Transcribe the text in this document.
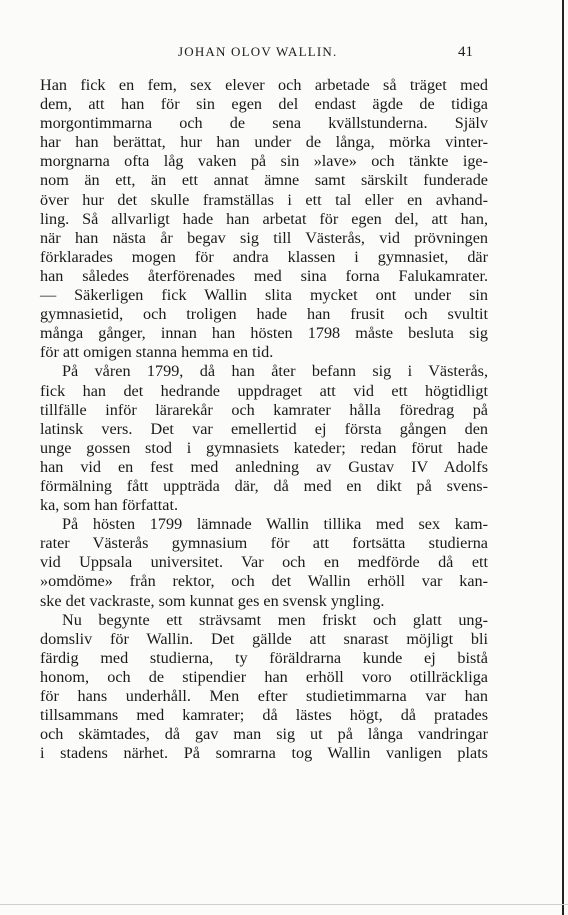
JOHAN OLOV WALLIN.	41
Han fick en fem, sex elever och arbetade så träget med
dem, att han för sin egen del endast ägde de tidiga
morgontimmarna och de sena kvällstunderna. Själv
har han berättat, hur han under de långa, mörka vinter-
morgnarna ofta låg vaken på sin »lave» och tänkte ige-
nom än ett, än ett annat ämne samt särskilt funderade
över hur det skulle framställas i ett tal eller en avhand-
ling. Så allvarligt hade han arbetat för egen del, att han,
när han nästa år begav sig till Västerås, vid prövningen
förklarades mogen för andra klassen i gymnasiet, där
han således återförenades med sina forna Falukamrater.
— Säkerligen fick Wallin slita mycket ont under sin
gymnasietid, och troligen hade han frusit och svultit
många gånger, innan han hösten 1798 måste besluta sig
för att omigen stanna hemma en tid.
På våren 1799, då han åter befann sig i Västerås,
fick han det hedrande uppdraget att vid ett högtidligt
tillfälle inför lärarekår och kamrater hålla föredrag på
latinsk vers. Det var emellertid ej första gången den
unge gossen stod i gymnasiets kateder; redan förut hade
han vid en fest med anledning av Gustav IV Adolfs
förmälning fått uppträda där, då med en dikt på svens-
ka, som han författat.
På hösten 1799 lämnade Wallin tillika med sex kam-
rater Västerås gymnasium för att fortsätta studierna
vid Uppsala universitet. Var och en medförde då ett
»omdöme» från rektor, och det Wallin erhöll var kan-
ske det vackraste, som kunnat ges en svensk yngling.
Nu begynte ett strävsamt men friskt och glatt ung-
domsliv för Wallin. Det gällde att snarast möjligt bli
färdig med studierna, ty föräldrarna kunde ej bistå
honom, och de stipendier han erhöll voro otillräckliga
för hans underhåll. Men efter studietimmarna var han
tillsammans med kamrater; då lästes högt, då pratades
och skämtades, då gav man sig ut på långa vandringar
i stadens närhet. På somrarna tog Wallin vanligen plats
